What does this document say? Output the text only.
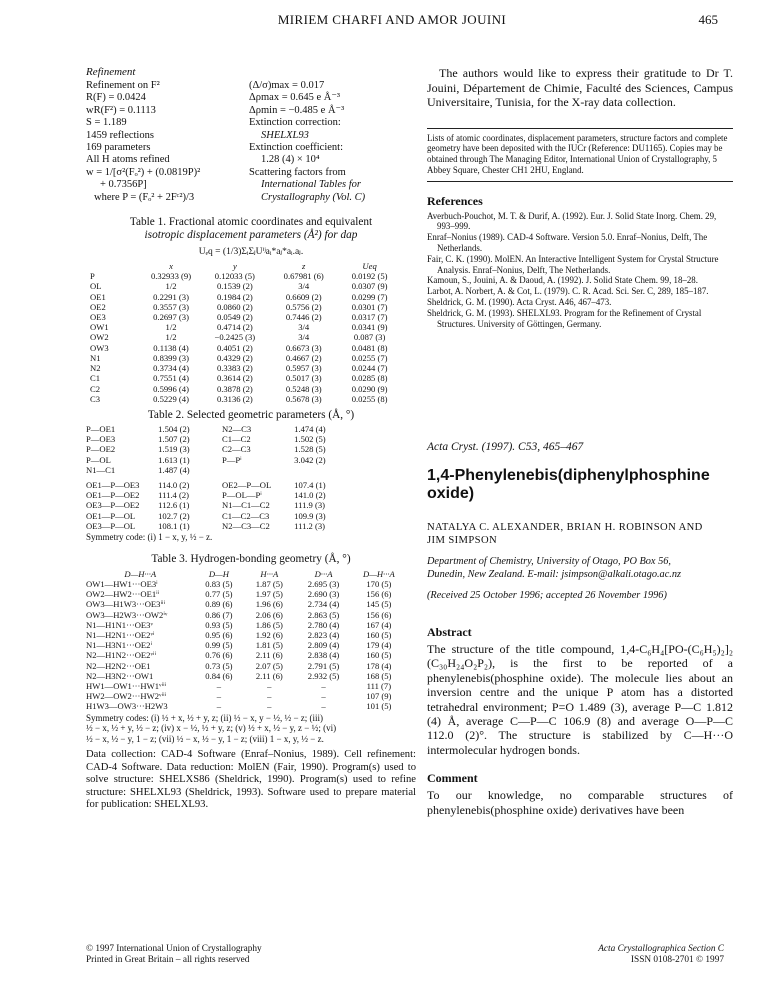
MIRIEM CHARFI AND AMOR JOUINI	465
Refinement
Refinement on F²
R(F) = 0.0424
wR(F²) = 0.1113
S = 1.189
1459 reflections
169 parameters
All H atoms refined
w = 1/[σ²(Fₒ²) + (0.0819P)²
+ 0.7356P]
where P = (Fₒ² + 2Fᶜ²)/3
(Δ/σ)max = 0.017
Δρmax = 0.645 e Å⁻³
Δρmin = −0.485 e Å⁻³
Extinction correction:
SHELXL93
Extinction coefficient:
1.28 (4) × 10⁴
Scattering factors from
International Tables for
Crystallography (Vol. C)
Table 1. Fractional atomic coordinates and equivalent
isotropic displacement parameters (Å²) for dap
Uₑq = (1/3)ΣᵢΣⱼUⁱʲaᵢ*aⱼ*aᵢ.aⱼ.
	x	y	z	Ueq
P	0.32933 (9)	0.12033 (5)	0.67981 (6)	0.0192 (5)
OL	1/2	0.1539 (2)	3/4	0.0307 (9)
OE1	0.2291 (3)	0.1984 (2)	0.6609 (2)	0.0299 (7)
OE2	0.3557 (3)	0.0860 (2)	0.5756 (2)	0.0301 (7)
OE3	0.2697 (3)	0.0549 (2)	0.7446 (2)	0.0317 (7)
OW1	1/2	0.4714 (2)	3/4	0.0341 (9)
OW2	1/2	−0.2425 (3)	3/4	0.087 (3)
OW3	0.1138 (4)	0.4051 (2)	0.6673 (3)	0.0481 (8)
N1	0.8399 (3)	0.4329 (2)	0.4667 (2)	0.0255 (7)
N2	0.3734 (4)	0.3383 (2)	0.5957 (3)	0.0244 (7)
C1	0.7551 (4)	0.3614 (2)	0.5017 (3)	0.0285 (8)
C2	0.5996 (4)	0.3878 (2)	0.5248 (3)	0.0290 (9)
C3	0.5229 (4)	0.3136 (2)	0.5678 (3)	0.0255 (8)
Table 2. Selected geometric parameters (Å, °)
P—OE1	1.504 (2)	N2—C3	1.474 (4)
P—OE3	1.507 (2)	C1—C2	1.502 (5)
P—OE2	1.519 (3)	C2—C3	1.528 (5)
P—OL	1.613 (1)	P—Pⁱ	3.042 (2)
N1—C1	1.487 (4)		
OE1—P—OE3	114.0 (2)	OE2—P—OL	107.4 (1)
OE1—P—OE2	111.4 (2)	P—OL—Pⁱ	141.0 (2)
OE3—P—OE2	112.6 (1)	N1—C1—C2	111.9 (3)
OE1—P—OL	102.7 (2)	C1—C2—C3	109.9 (3)
OE3—P—OL	108.1 (1)	N2—C3—C2	111.2 (3)
Symmetry code: (i) 1 − x, y, ½ − z.
Table 3. Hydrogen-bonding geometry (Å, °)
D—H···A	D—H	H···A	D···A	D—H···A
OW1—HW1···OE3ⁱ	0.83 (5)	1.87 (5)	2.695 (3)	170 (5)
OW2—HW2···OE1ⁱⁱ	0.77 (5)	1.97 (5)	2.690 (3)	156 (6)
OW3—H1W3···OE3ⁱⁱⁱ	0.89 (6)	1.96 (6)	2.734 (4)	145 (5)
OW3—H2W3···OW2ⁱᵛ	0.86 (7)	2.06 (6)	2.863 (5)	156 (6)
N1—H1N1···OE3ᵛ	0.93 (5)	1.86 (5)	2.780 (4)	167 (4)
N1—H2N1···OE2ᵛⁱ	0.95 (6)	1.92 (6)	2.823 (4)	160 (5)
N1—H3N1···OE2ⁱ	0.99 (5)	1.81 (5)	2.809 (4)	179 (4)
N2—H1N2···OE2ᵛⁱⁱ	0.76 (6)	2.11 (6)	2.838 (4)	160 (5)
N2—H2N2···OE1	0.73 (5)	2.07 (5)	2.791 (5)	178 (4)
N2—H3N2···OW1	0.84 (6)	2.11 (6)	2.932 (5)	168 (5)
HW1—OW1···HW1ᵛⁱⁱⁱ	–	–	–	111 (7)
HW2—OW2···HW2ᵛⁱⁱⁱ	–	–	–	107 (9)
H1W3—OW3···H2W3	–	–	–	101 (5)
Symmetry codes: (i) ½ + x, ½ + y, z; (ii) ½ − x, y − ½, ½ − z; (iii)
½ − x, ½ + y, ½ − z; (iv) x − ½, ½ + y, z; (v) ½ + x, ½ − y, z − ½; (vi)
½ − x, ½ − y, 1 − z; (vii) ½ − x, ½ − y, 1 − z; (viii) 1 − x, y, ½ − z.
Data collection: CAD-4 Software (Enraf–Nonius, 1989). Cell refinement: CAD-4 Software. Data reduction: MolEN (Fair, 1990). Program(s) used to solve structure: SHELXS86 (Sheldrick, 1990). Program(s) used to refine structure: SHELXL93 (Sheldrick, 1993). Software used to prepare material for publication: SHELXL93.
© 1997 International Union of Crystallography
Printed in Great Britain – all rights reserved
Acta Crystallographica Section C
ISSN 0108-2701 © 1997
The authors would like to express their gratitude to Dr T. Jouini, Département de Chimie, Faculté des Sciences, Campus Universitaire, Tunisia, for the X-ray data collection.
Lists of atomic coordinates, displacement parameters, structure factors and complete geometry have been deposited with the IUCr (Reference: DU1165). Copies may be obtained through The Managing Editor, International Union of Crystallography, 5 Abbey Square, Chester CH1 2HU, England.
References
Averbuch-Pouchot, M. T. & Durif, A. (1992). Eur. J. Solid State Inorg. Chem. 29, 993–999.
Enraf–Nonius (1989). CAD-4 Software. Version 5.0. Enraf–Nonius, Delft, The Netherlands.
Fair, C. K. (1990). MolEN. An Interactive Intelligent System for Crystal Structure Analysis. Enraf–Nonius, Delft, The Netherlands.
Kamoun, S., Jouini, A. & Daoud, A. (1992). J. Solid State Chem. 99, 18–28.
Larbot, A. Norbert, A. & Cot, L. (1979). C. R. Acad. Sci. Ser. C, 289, 185–187.
Sheldrick, G. M. (1990). Acta Cryst. A46, 467–473.
Sheldrick, G. M. (1993). SHELXL93. Program for the Refinement of Crystal Structures. University of Göttingen, Germany.
Acta Cryst. (1997). C53, 465–467
1,4-Phenylenebis(diphenylphosphine oxide)
NATALYA C. ALEXANDER, BRIAN H. ROBINSON AND
JIM SIMPSON
Department of Chemistry, University of Otago, PO Box 56,
Dunedin, New Zealand. E-mail: jsimpson@alkali.otago.ac.nz
(Received 25 October 1996; accepted 26 November 1996)
Abstract
The structure of the title compound, 1,4-C₆H₄[PO-(C₆H₅)₂]₂ (C₃₀H₂₄O₂P₂), is the first to be reported of a phenylenebis(phosphine oxide). The molecule lies about an inversion centre and the unique P atom has a distorted tetrahedral environment; P=O 1.489 (3), average P—C 1.812 (4) Å, average C—P—C 106.9 (8) and average O—P—C 112.0 (2)°. The structure is stabilized by C—H···O intermolecular hydrogen bonds.
Comment
To our knowledge, no comparable structures of phenylenebis(phosphine oxide) derivatives have been
